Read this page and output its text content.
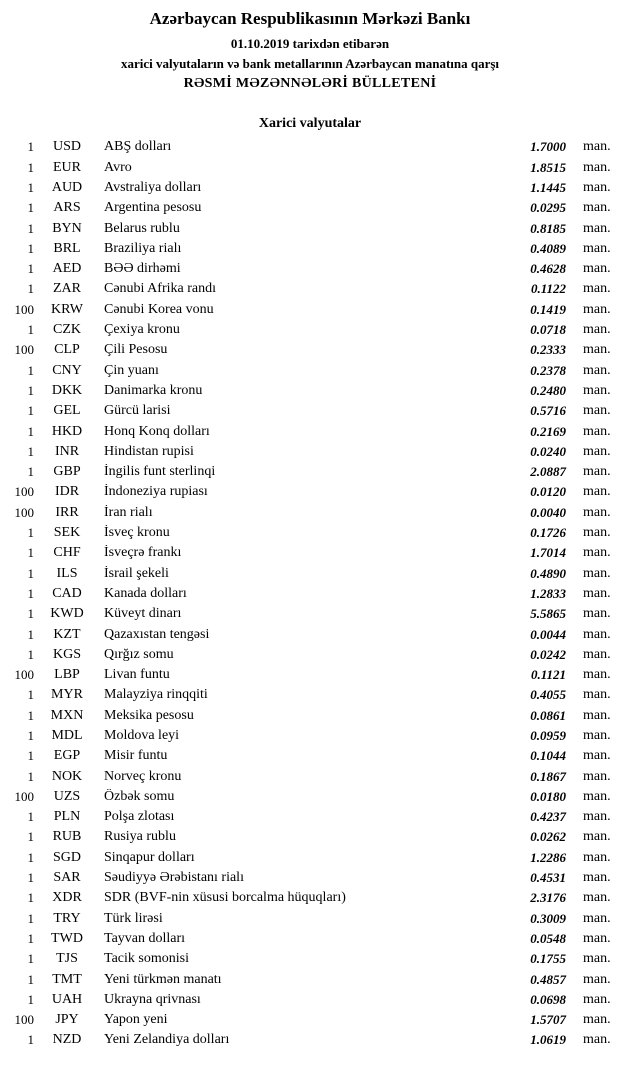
Azərbaycan Respublikasının Mərkəzi Bankı
01.10.2019 tarixdən etibarən
xarici valyutaların və bank metallarının Azərbaycan manatına qarşı
RƏSMİ MƏZƏNNƏLƏRİ BÜLLETENİ
Xarici valyutalar
1	USD	ABŞ dolları	1.7000	man.
1	EUR	Avro	1.8515	man.
1	AUD	Avstraliya dolları	1.1445	man.
1	ARS	Argentina pesosu	0.0295	man.
1	BYN	Belarus rublu	0.8185	man.
1	BRL	Braziliya rialı	0.4089	man.
1	AED	BƏƏ dirhəmi	0.4628	man.
1	ZAR	Cənubi Afrika randı	0.1122	man.
100	KRW	Cənubi Korea vonu	0.1419	man.
1	CZK	Çexiya kronu	0.0718	man.
100	CLP	Çili Pesosu	0.2333	man.
1	CNY	Çin yuanı	0.2378	man.
1	DKK	Danimarka kronu	0.2480	man.
1	GEL	Gürcü larisi	0.5716	man.
1	HKD	Honq Konq dolları	0.2169	man.
1	INR	Hindistan rupisi	0.0240	man.
1	GBP	İngilis funt sterlinqi	2.0887	man.
100	IDR	İndoneziya rupiası	0.0120	man.
100	IRR	İran rialı	0.0040	man.
1	SEK	İsveç kronu	0.1726	man.
1	CHF	İsveçrə frankı	1.7014	man.
1	ILS	İsrail şekeli	0.4890	man.
1	CAD	Kanada dolları	1.2833	man.
1	KWD	Küveyt dinarı	5.5865	man.
1	KZT	Qazaxıstan tengəsi	0.0044	man.
1	KGS	Qırğız somu	0.0242	man.
100	LBP	Livan funtu	0.1121	man.
1	MYR	Malayziya rinqqiti	0.4055	man.
1	MXN	Meksika pesosu	0.0861	man.
1	MDL	Moldova leyi	0.0959	man.
1	EGP	Misir funtu	0.1044	man.
1	NOK	Norveç kronu	0.1867	man.
100	UZS	Özbək somu	0.0180	man.
1	PLN	Polşa zlotası	0.4237	man.
1	RUB	Rusiya rublu	0.0262	man.
1	SGD	Sinqapur dolları	1.2286	man.
1	SAR	Səudiyyə Ərəbistanı rialı	0.4531	man.
1	XDR	SDR (BVF-nin xüsusi borcalma hüquqları)	2.3176	man.
1	TRY	Türk lirəsi	0.3009	man.
1	TWD	Tayvan dolları	0.0548	man.
1	TJS	Tacik somonisi	0.1755	man.
1	TMT	Yeni türkmən manatı	0.4857	man.
1	UAH	Ukrayna qrivnası	0.0698	man.
100	JPY	Yapon yeni	1.5707	man.
1	NZD	Yeni Zelandiya dolları	1.0619	man.
